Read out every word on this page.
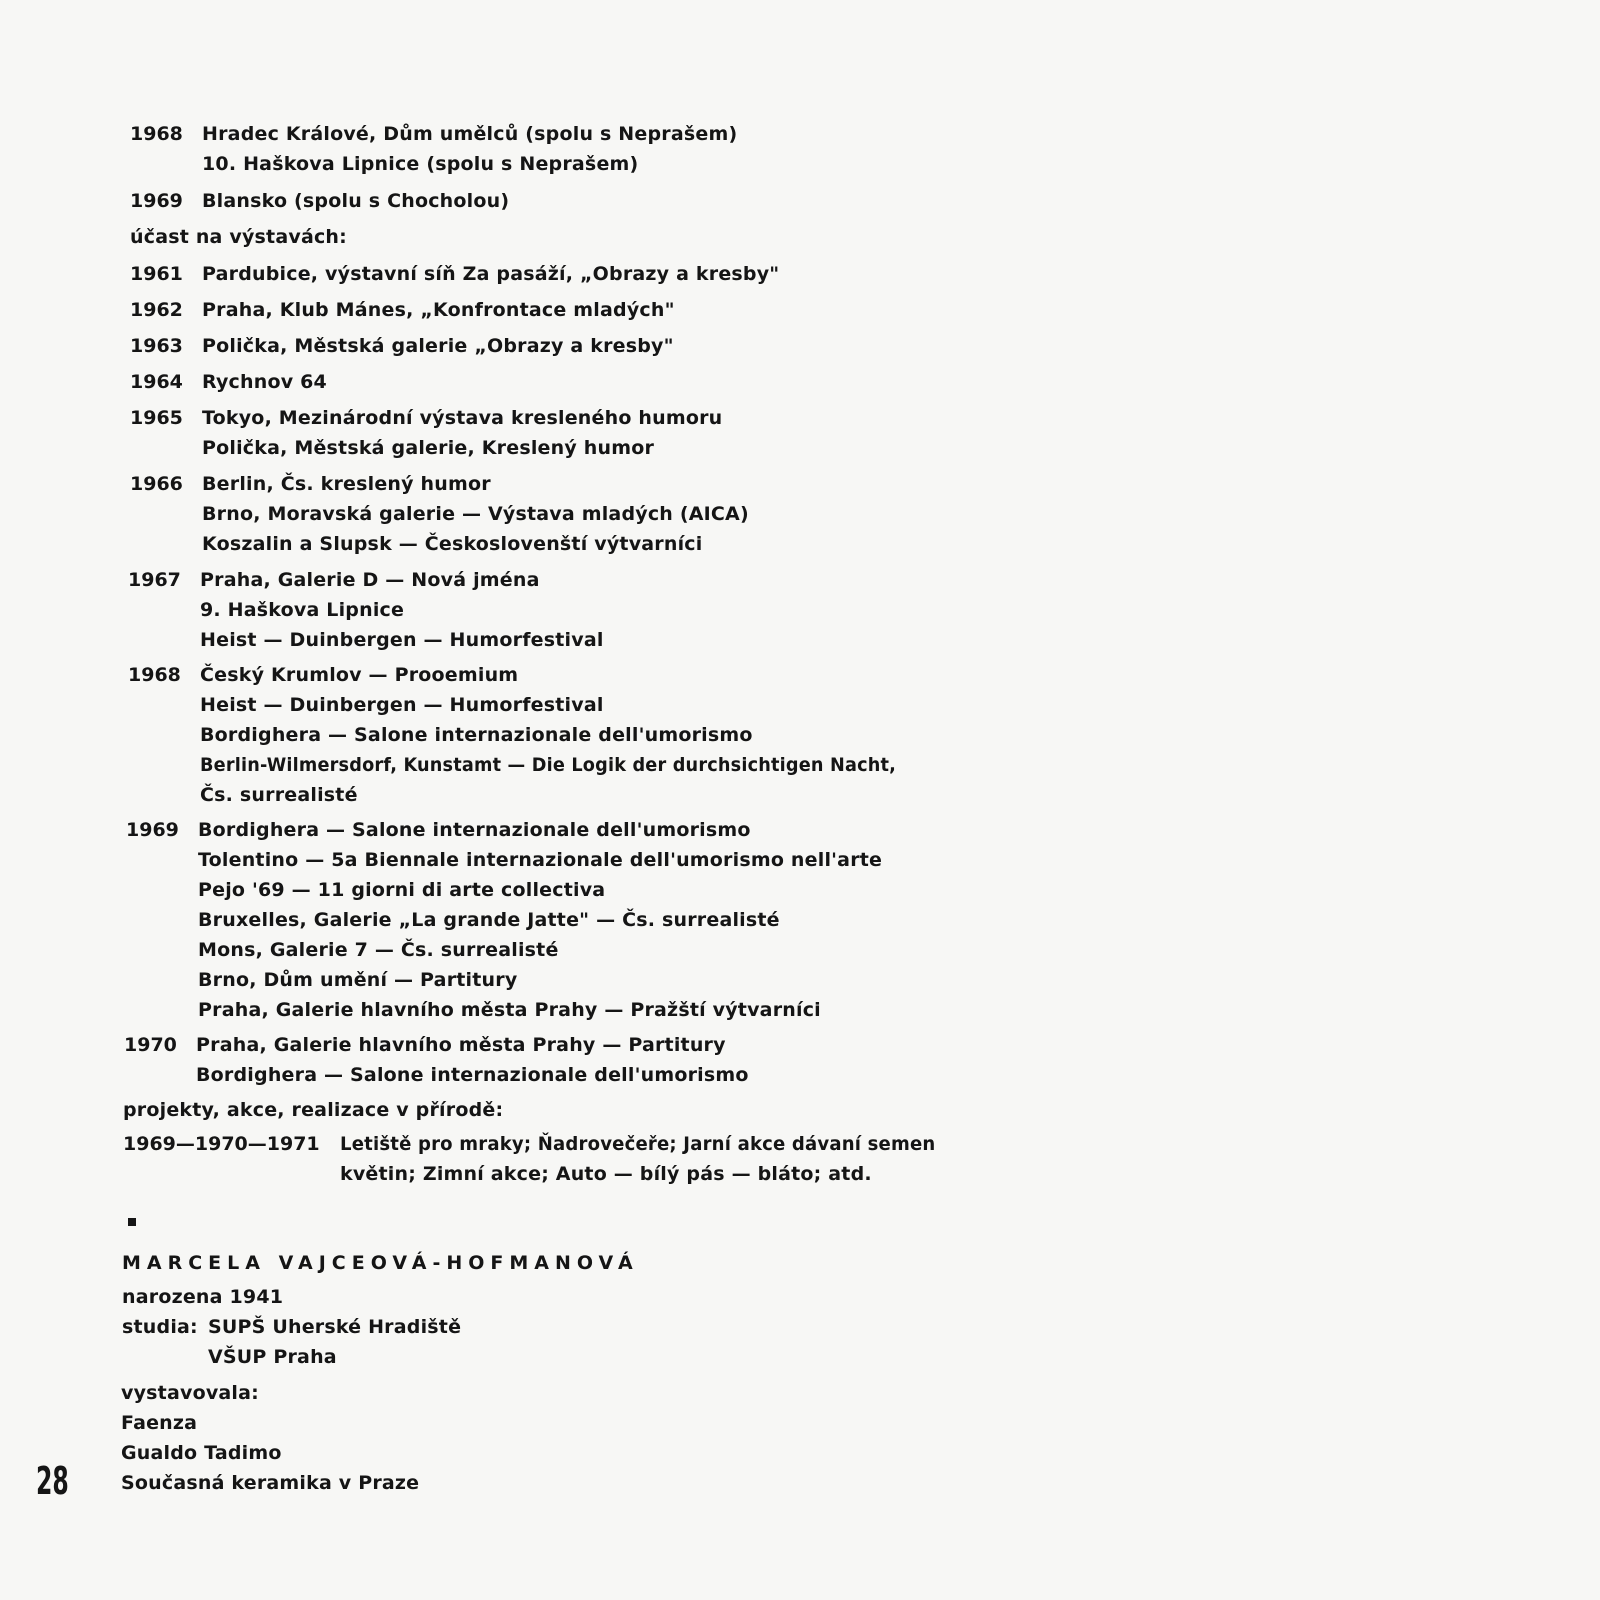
1968 Hradec Králové, Dům umělců (spolu s Neprašem)
10. Haškova Lipnice (spolu s Neprašem)
1969 Blansko (spolu s Chocholou)
účast na výstavách:
1961 Pardubice, výstavní síň Za pasáží, „Obrazy a kresby"
1962 Praha, Klub Mánes, „Konfrontace mladých"
1963 Polička, Městská galerie „Obrazy a kresby"
1964 Rychnov 64
1965 Tokyo, Mezinárodní výstava kresleného humoru
Polička, Městská galerie, Kreslený humor
1966 Berlin, Čs. kreslený humor
Brno, Moravská galerie — Výstava mladých (AICA)
Koszalin a Slupsk — Českoslovenští výtvarníci
1967 Praha, Galerie D — Nová jména
9. Haškova Lipnice
Heist — Duinbergen — Humorfestival
1968 Český Krumlov — Prooemium
Heist — Duinbergen — Humorfestival
Bordighera — Salone internazionale dell'umorismo
Berlin-Wilmersdorf, Kunstamt — Die Logik der durchsichtigen Nacht,
Čs. surrealisté
1969 Bordighera — Salone internazionale dell'umorismo
Tolentino — 5a Biennale internazionale dell'umorismo nell'arte
Pejo '69 — 11 giorni di arte collectiva
Bruxelles, Galerie „La grande Jatte" — Čs. surrealisté
Mons, Galerie 7 — Čs. surrealisté
Brno, Dům umění — Partitury
Praha, Galerie hlavního města Prahy — Pražští výtvarníci
1970 Praha, Galerie hlavního města Prahy — Partitury
Bordighera — Salone internazionale dell'umorismo
projekty, akce, realizace v přírodě:
1969—1970—1971 Letiště pro mraky; Ňadrovečeře; Jarní akce dávaní semen
květin; Zimní akce; Auto — bílý pás — bláto; atd.
MARCELA VAJCEOVÁ-HOFMANOVÁ
narozena 1941
studia: SUPŠ Uherské Hradiště
VŠUP Praha
vystavovala:
Faenza
Gualdo Tadimo
Současná keramika v Praze
28
